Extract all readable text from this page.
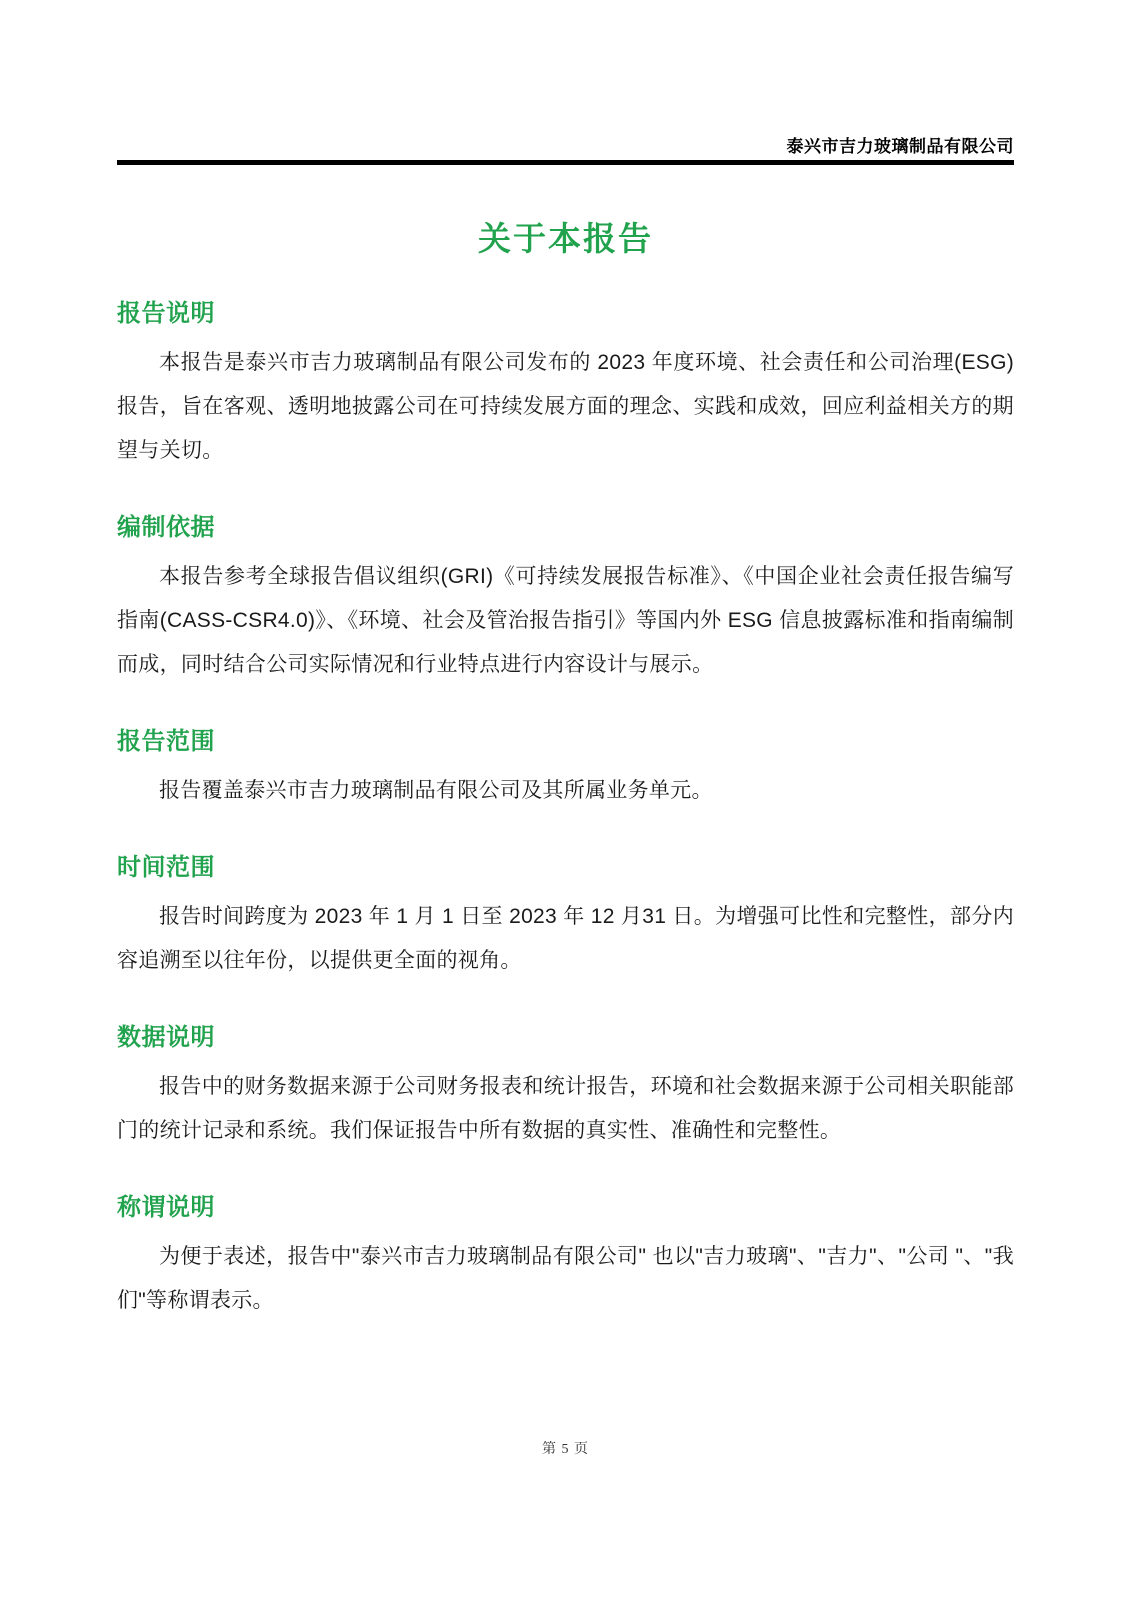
泰兴市吉力玻璃制品有限公司
关于本报告
报告说明

本报告是泰兴市吉力玻璃制品有限公司发布的 2023 年度环境、社会责任和公司治理(ESG)报告，旨在客观、透明地披露公司在可持续发展方面的理念、实践和成效，回应利益相关方的期望与关切。

编制依据

本报告参考全球报告倡议组织(GRI)《可持续发展报告标准》、《中国企业社会责任报告编写指南(CASS-CSR4.0)》、《环境、社会及管治报告指引》等国内外 ESG 信息披露标准和指南编制而成，同时结合公司实际情况和行业特点进行内容设计与展示。

报告范围

报告覆盖泰兴市吉力玻璃制品有限公司及其所属业务单元。

时间范围

报告时间跨度为 2023 年 1 月 1 日至 2023 年 12 月31 日。为增强可比性和完整性，部分内容追溯至以往年份，以提供更全面的视角。

数据说明

报告中的财务数据来源于公司财务报表和统计报告，环境和社会数据来源于公司相关职能部门的统计记录和系统。我们保证报告中所有数据的真实性、准确性和完整性。

称谓说明

为便于表述，报告中"泰兴市吉力玻璃制品有限公司" 也以"吉力玻璃"、"吉力"、"公司 "、"我们"等称谓表示。

第 5 页
